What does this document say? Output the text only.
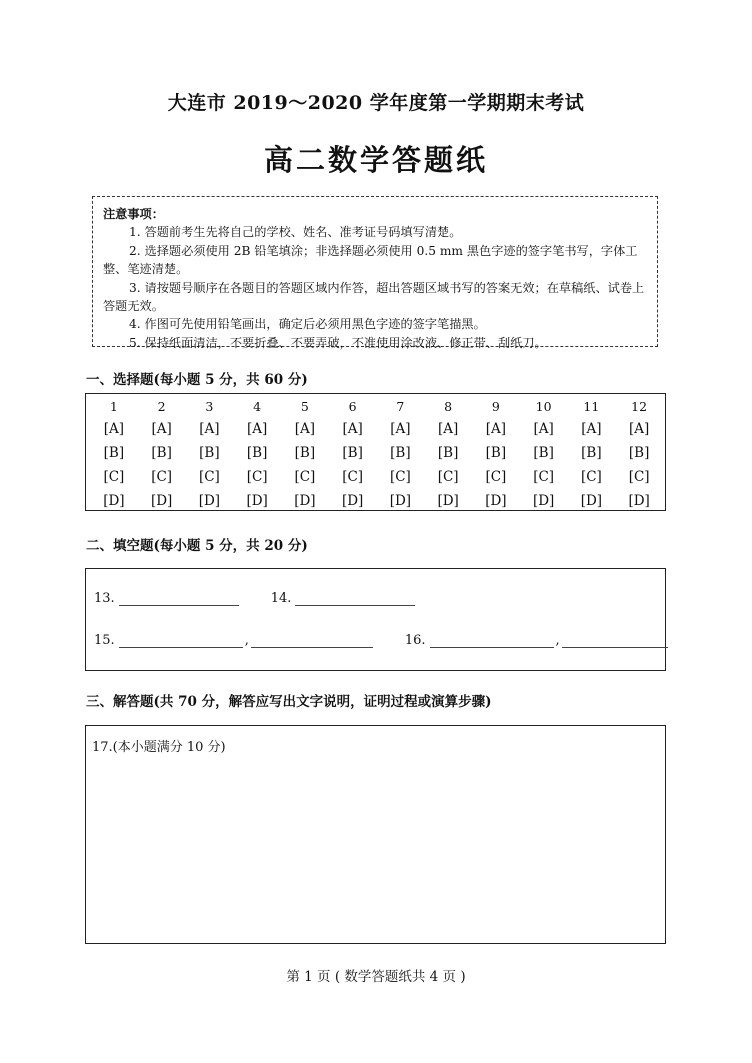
大连市 2019～2020 学年度第一学期期末考试
高二数学答题纸
注意事项：
1. 答题前考生先将自己的学校、姓名、准考证号码填写清楚。
2. 选择题必须使用 2B 铅笔填涂；非选择题必须使用 0.5 mm 黑色字迹的签字笔书写，字体工整、笔迹清楚。
3. 请按题号顺序在各题目的答题区域内作答，超出答题区域书写的答案无效；在草稿纸、试卷上答题无效。
4. 作图可先使用铅笔画出，确定后必须用黑色字迹的签字笔描黑。
5. 保持纸面清洁，不要折叠、不要弄破，不准使用涂改液、修正带、刮纸刀。
一、选择题(每小题 5 分，共 60 分)
1	2	3	4	5	6	7	8	9	10	11	12
[A]	[A]	[A]	[A]	[A]	[A]	[A]	[A]	[A]	[A]	[A]	[A]
[B]	[B]	[B]	[B]	[B]	[B]	[B]	[B]	[B]	[B]	[B]	[B]
[C]	[C]	[C]	[C]	[C]	[C]	[C]	[C]	[C]	[C]	[C]	[C]
[D]	[D]	[D]	[D]	[D]	[D]	[D]	[D]	[D]	[D]	[D]	[D]
二、填空题(每小题 5 分，共 20 分)
13.	14.
15.	,	16.	,
三、解答题(共 70 分，解答应写出文字说明，证明过程或演算步骤)
17.(本小题满分 10 分)
第 1 页 ( 数学答题纸共 4 页 )
